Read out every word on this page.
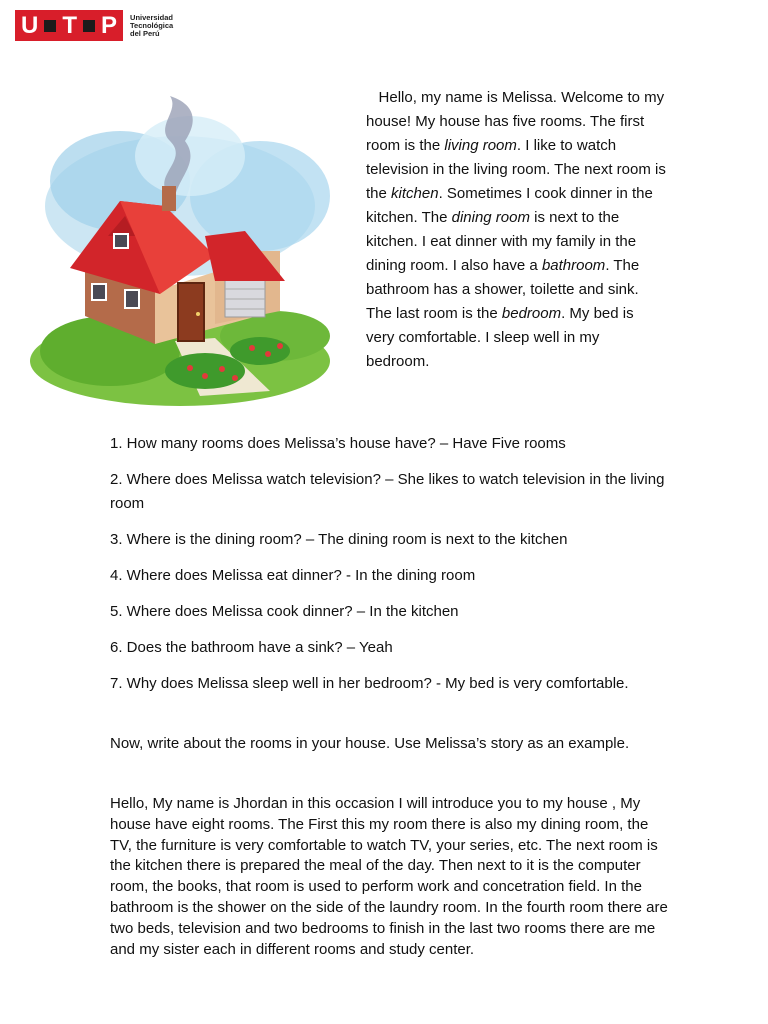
U T P Universidad
Tecnológica
del Perú

Hello, my name is Melissa. Welcome to my house! My house has five rooms. The first room is the living room. I like to watch television in the living room. The next room is the kitchen. Sometimes I cook dinner in the kitchen. The dining room is next to the kitchen. I eat dinner with my family in the dining room. I also have a bathroom. The bathroom has a shower, toilette and sink. The last room is the bedroom. My bed is very comfortable. I sleep well in my bedroom.

1. How many rooms does Melissa’s house have? – Have Five rooms

2. Where does Melissa watch television? – She likes to watch television in the living room

3. Where is the dining room? – The dining room is next to the kitchen

4. Where does Melissa eat dinner? - In the dining room

5. Where does Melissa cook dinner? – In the kitchen

6. Does the bathroom have a sink? – Yeah

7. Why does Melissa sleep well in her bedroom? - My bed is very comfortable.

Now, write about the rooms in your house. Use Melissa’s story as an example.

Hello, My name is Jhordan in this occasion I will introduce you to my house , My house have eight rooms. The First this my room there is also my dining room, the TV, the furniture is very comfortable to watch TV, your series, etc. The next room is the kitchen there is prepared the meal of the day. Then next to it is the computer room, the books, that room is used to perform work and concetration field. In the bathroom is the shower on the side of the laundry room. In the fourth room there are two beds, television and two bedrooms to finish in the last two rooms there are me and my sister each in different rooms and study center.
